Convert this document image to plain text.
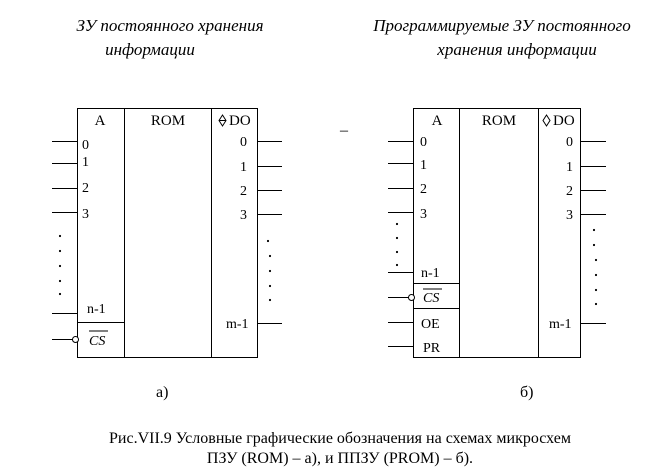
ЗУ постоянного хранения
информации
Программируемые ЗУ постоянного
хранения информации
A	ROM	DO
0
1
2
3
n-1
CS
0
1
2
3
m-1
A	ROM DO
0
1
2
3
n-1
CS
OE
PR
0
1
2
3
m-1
–
а)	б)
Рис.VII.9 Условные графические обозначения на схемах микросхем
ПЗУ (ROM) – а), и ППЗУ (PROM) – б).
